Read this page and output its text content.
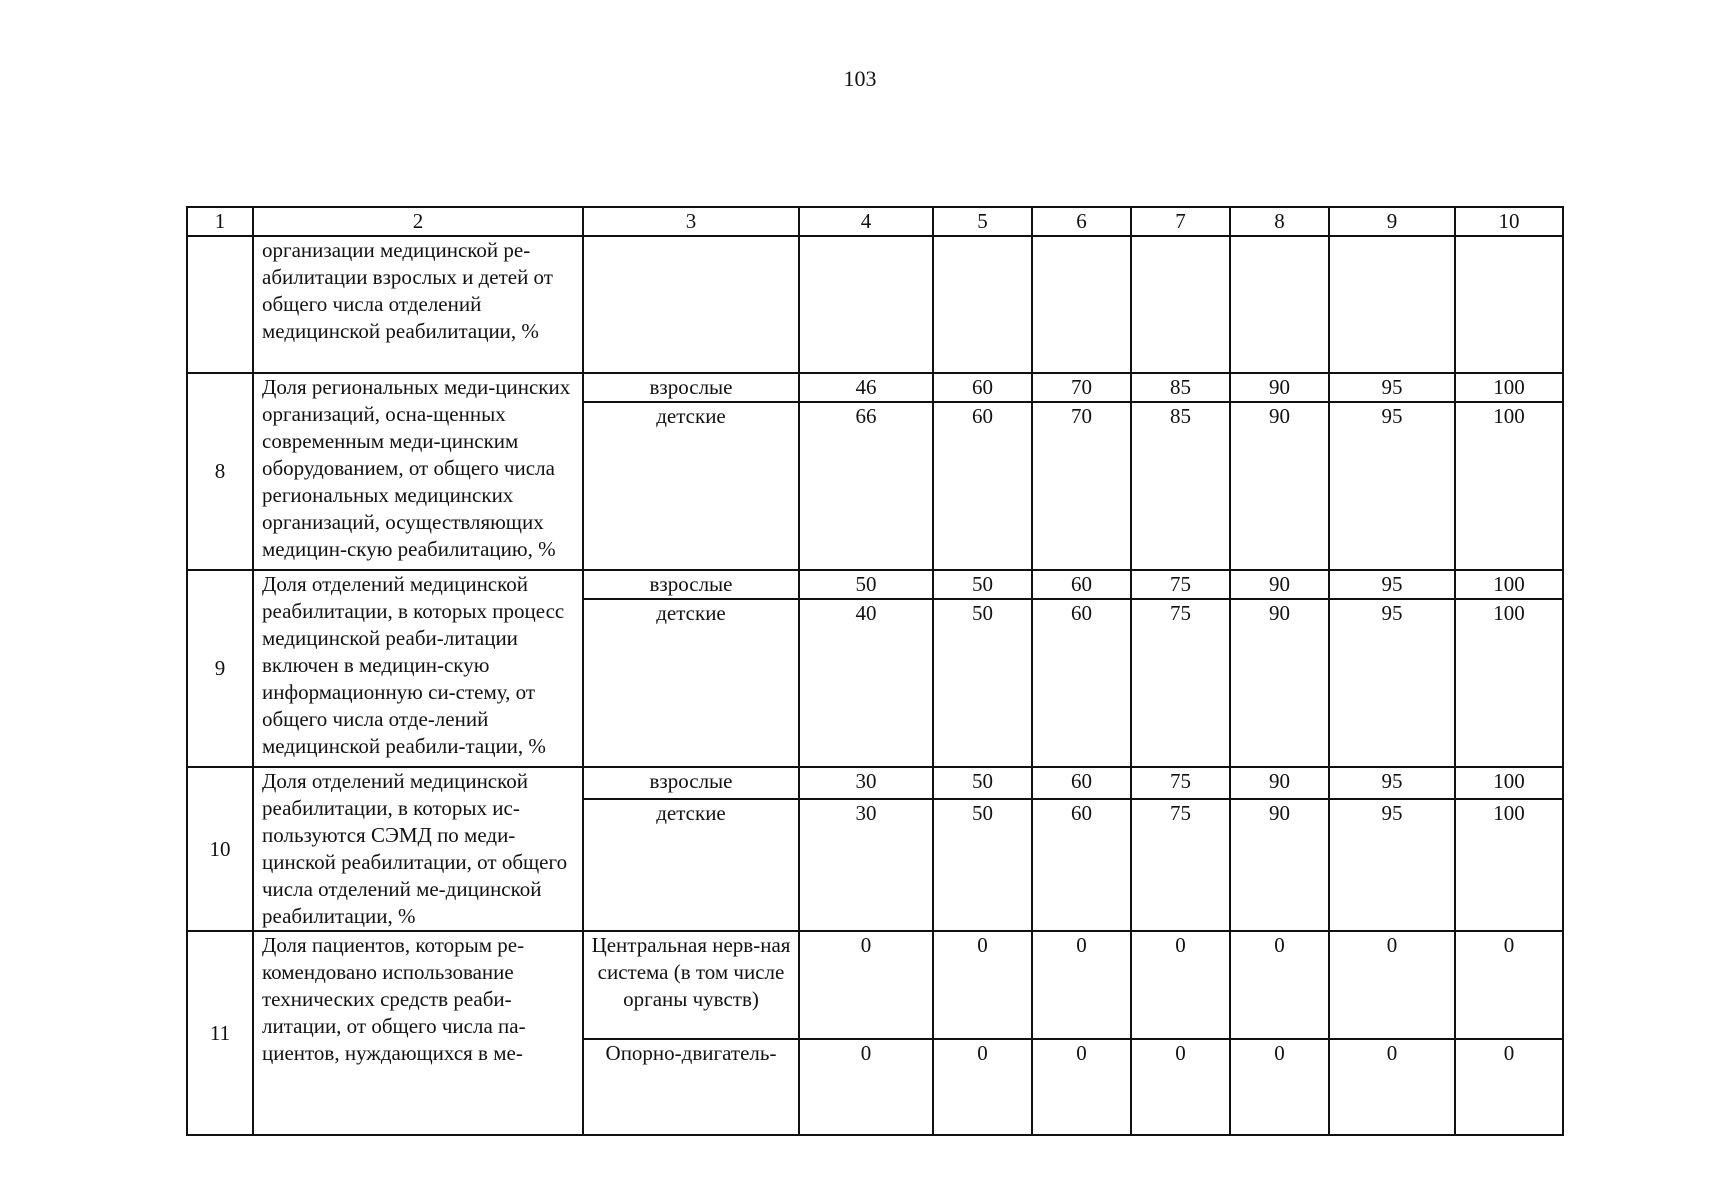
103
1	2	3	4	5	6	7	8	9	10
	организации медицинской ре-абилитации взрослых и детей от общего числа отделений медицинской реабилитации, %								
8	Доля региональных меди-цинских организаций, осна-щенных современным меди-цинским оборудованием, от общего числа региональных медицинских организаций, осуществляющих медицин-скую реабилитацию, %	взрослые	46	60	70	85	90	95	100
		детские	66	60	70	85	90	95	100
9	Доля отделений медицинской реабилитации, в которых процесс медицинской реаби-литации включен в медицин-скую информационную си-стему, от общего числа отде-лений медицинской реабили-тации, %	взрослые	50	50	60	75	90	95	100
		детские	40	50	60	75	90	95	100
10	Доля отделений медицинской реабилитации, в которых ис-пользуются СЭМД по меди-цинской реабилитации, от общего числа отделений ме-дицинской реабилитации, %	взрослые	30	50	60	75	90	95	100
		детские	30	50	60	75	90	95	100
11	Доля пациентов, которым ре-комендовано использование технических средств реаби-литации, от общего числа па-циентов, нуждающихся в ме-	Центральная нерв-ная система (в том числе органы чувств)	0	0	0	0	0	0	0
		Опорно-двигатель-	0	0	0	0	0	0	0
